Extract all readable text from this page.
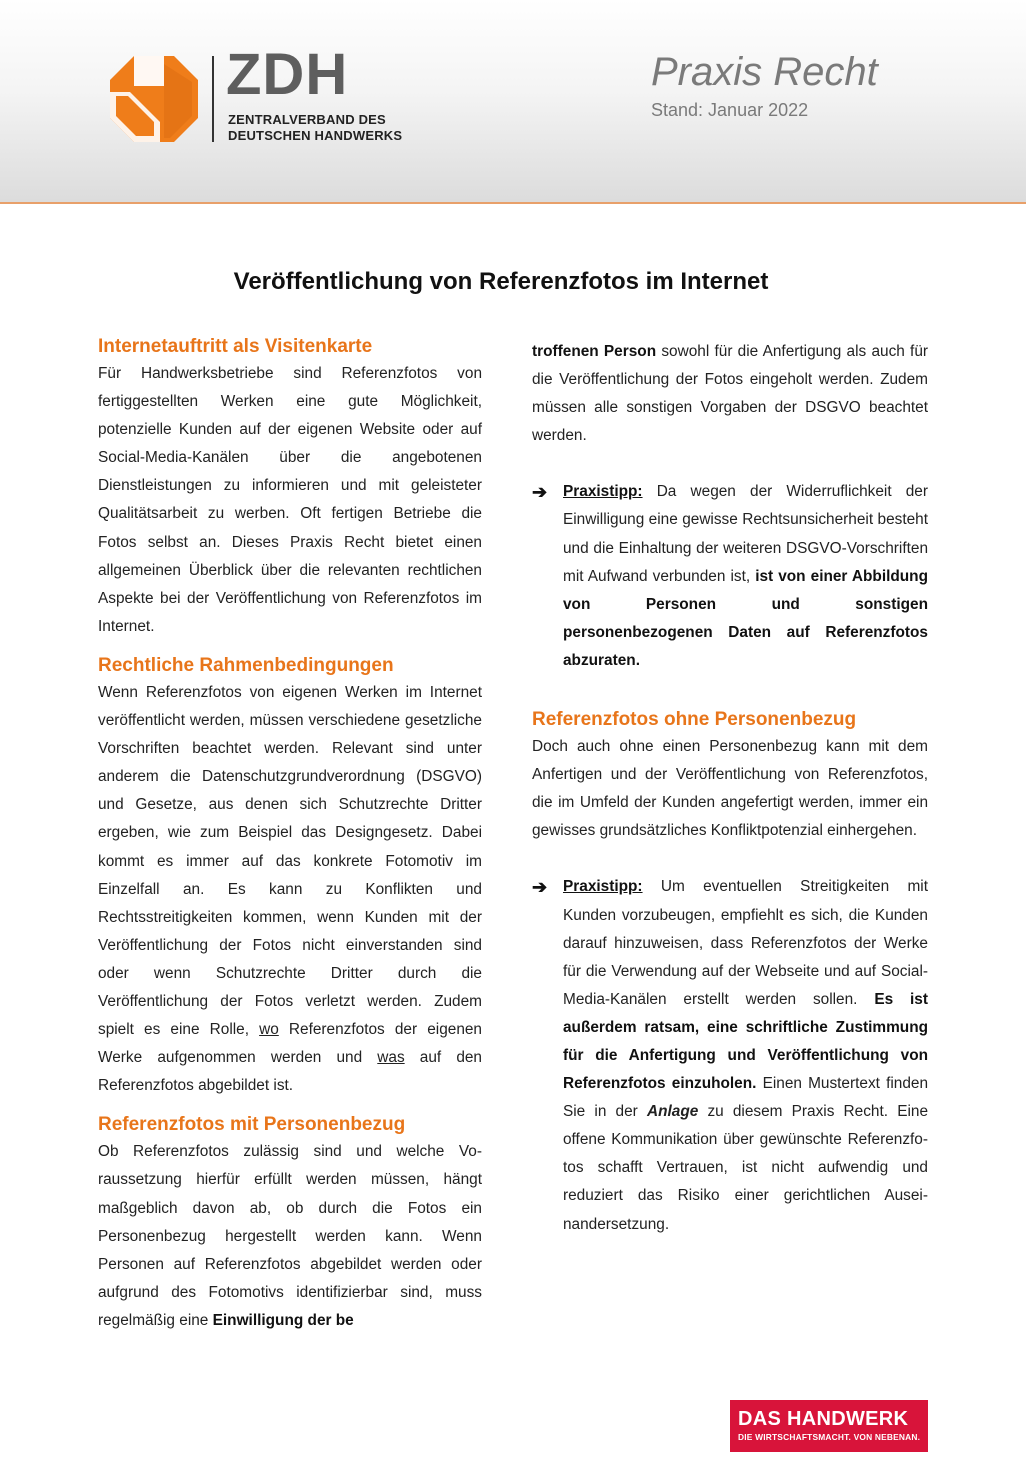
ZDH
ZENTRALVERBAND DES
DEUTSCHEN HANDWERKS
Praxis Recht
Stand: Januar 2022
Veröffentlichung von Referenzfotos im Internet
Internetauftritt als Visitenkarte
Für Handwerksbetriebe sind Referenzfotos von fertiggestellten Werken eine gute Möglichkeit, potenzielle Kunden auf der eigenen Website oder auf Social-Media-Kanälen über die angebotenen Dienstleistungen zu informieren und mit geleisteter Qualitätsarbeit zu werben. Oft fertigen Betriebe die Fotos selbst an. Dieses Praxis Recht bietet einen allgemeinen Überblick über die relevanten rechtlichen Aspekte bei der Veröffentlichung von Referenzfotos im Internet.
Rechtliche Rahmenbedingungen
Wenn Referenzfotos von eigenen Werken im Internet veröffentlicht werden, müssen verschiedene gesetzliche Vorschriften beachtet werden. Relevant sind unter anderem die Datenschutzgrundverordnung (DSGVO) und Gesetze, aus denen sich Schutzrechte Dritter ergeben, wie zum Beispiel das Designgesetz. Dabei kommt es immer auf das konkrete Fotomotiv im Einzelfall an. Es kann zu Konflikten und Rechtsstreitigkeiten kommen, wenn Kunden mit der Veröffentlichung der Fotos nicht einverstanden sind oder wenn Schutzrechte Dritter durch die Veröffentlichung der Fotos verletzt werden. Zudem spielt es eine Rolle, wo Referenzfotos der eigenen Werke aufgenommen werden und was auf den Referenzfotos abgebildet ist.
Referenzfotos mit Personenbezug
Ob Referenzfotos zulässig sind und welche Voraussetzung hierfür erfüllt werden müssen, hängt maßgeblich davon ab, ob durch die Fotos ein Personenbezug hergestellt werden kann. Wenn Personen auf Referenzfotos abgebildet werden oder aufgrund des Fotomotivs identifizierbar sind, muss regelmäßig eine Einwilligung der be
troffenen Person sowohl für die Anfertigung als auch für die Veröffentlichung der Fotos eingeholt werden. Zudem müssen alle sonstigen Vorgaben der DSGVO beachtet werden.
➔ Praxistipp: Da wegen der Widerruflichkeit der Einwilligung eine gewisse Rechtsunsicherheit besteht und die Einhaltung der weiteren DSGVO-Vorschriften mit Aufwand verbunden ist, ist von einer Abbildung von Personen und sonstigen personenbezogenen Daten auf Referenzfotos abzuraten.
Referenzfotos ohne Personenbezug
Doch auch ohne einen Personenbezug kann mit dem Anfertigen und der Veröffentlichung von Referenzfotos, die im Umfeld der Kunden angefertigt werden, immer ein gewisses grundsätzliches Konfliktpotenzial einhergehen.
➔ Praxistipp: Um eventuellen Streitigkeiten mit Kunden vorzubeugen, empfiehlt es sich, die Kunden darauf hinzuweisen, dass Referenzfotos der Werke für die Verwendung auf der Webseite und auf Social-Media-Kanälen erstellt werden sollen. Es ist außerdem ratsam, eine schriftliche Zustimmung für die Anfertigung und Veröffentlichung von Referenzfotos einzuholen. Einen Mustertext finden Sie in der Anlage zu diesem Praxis Recht. Eine offene Kommunikation über gewünschte Referenzfotos schafft Vertrauen, ist nicht aufwendig und reduziert das Risiko einer gerichtlichen Auseinandersetzung.
DAS HANDWERK
DIE WIRTSCHAFTSMACHT. VON NEBENAN.
